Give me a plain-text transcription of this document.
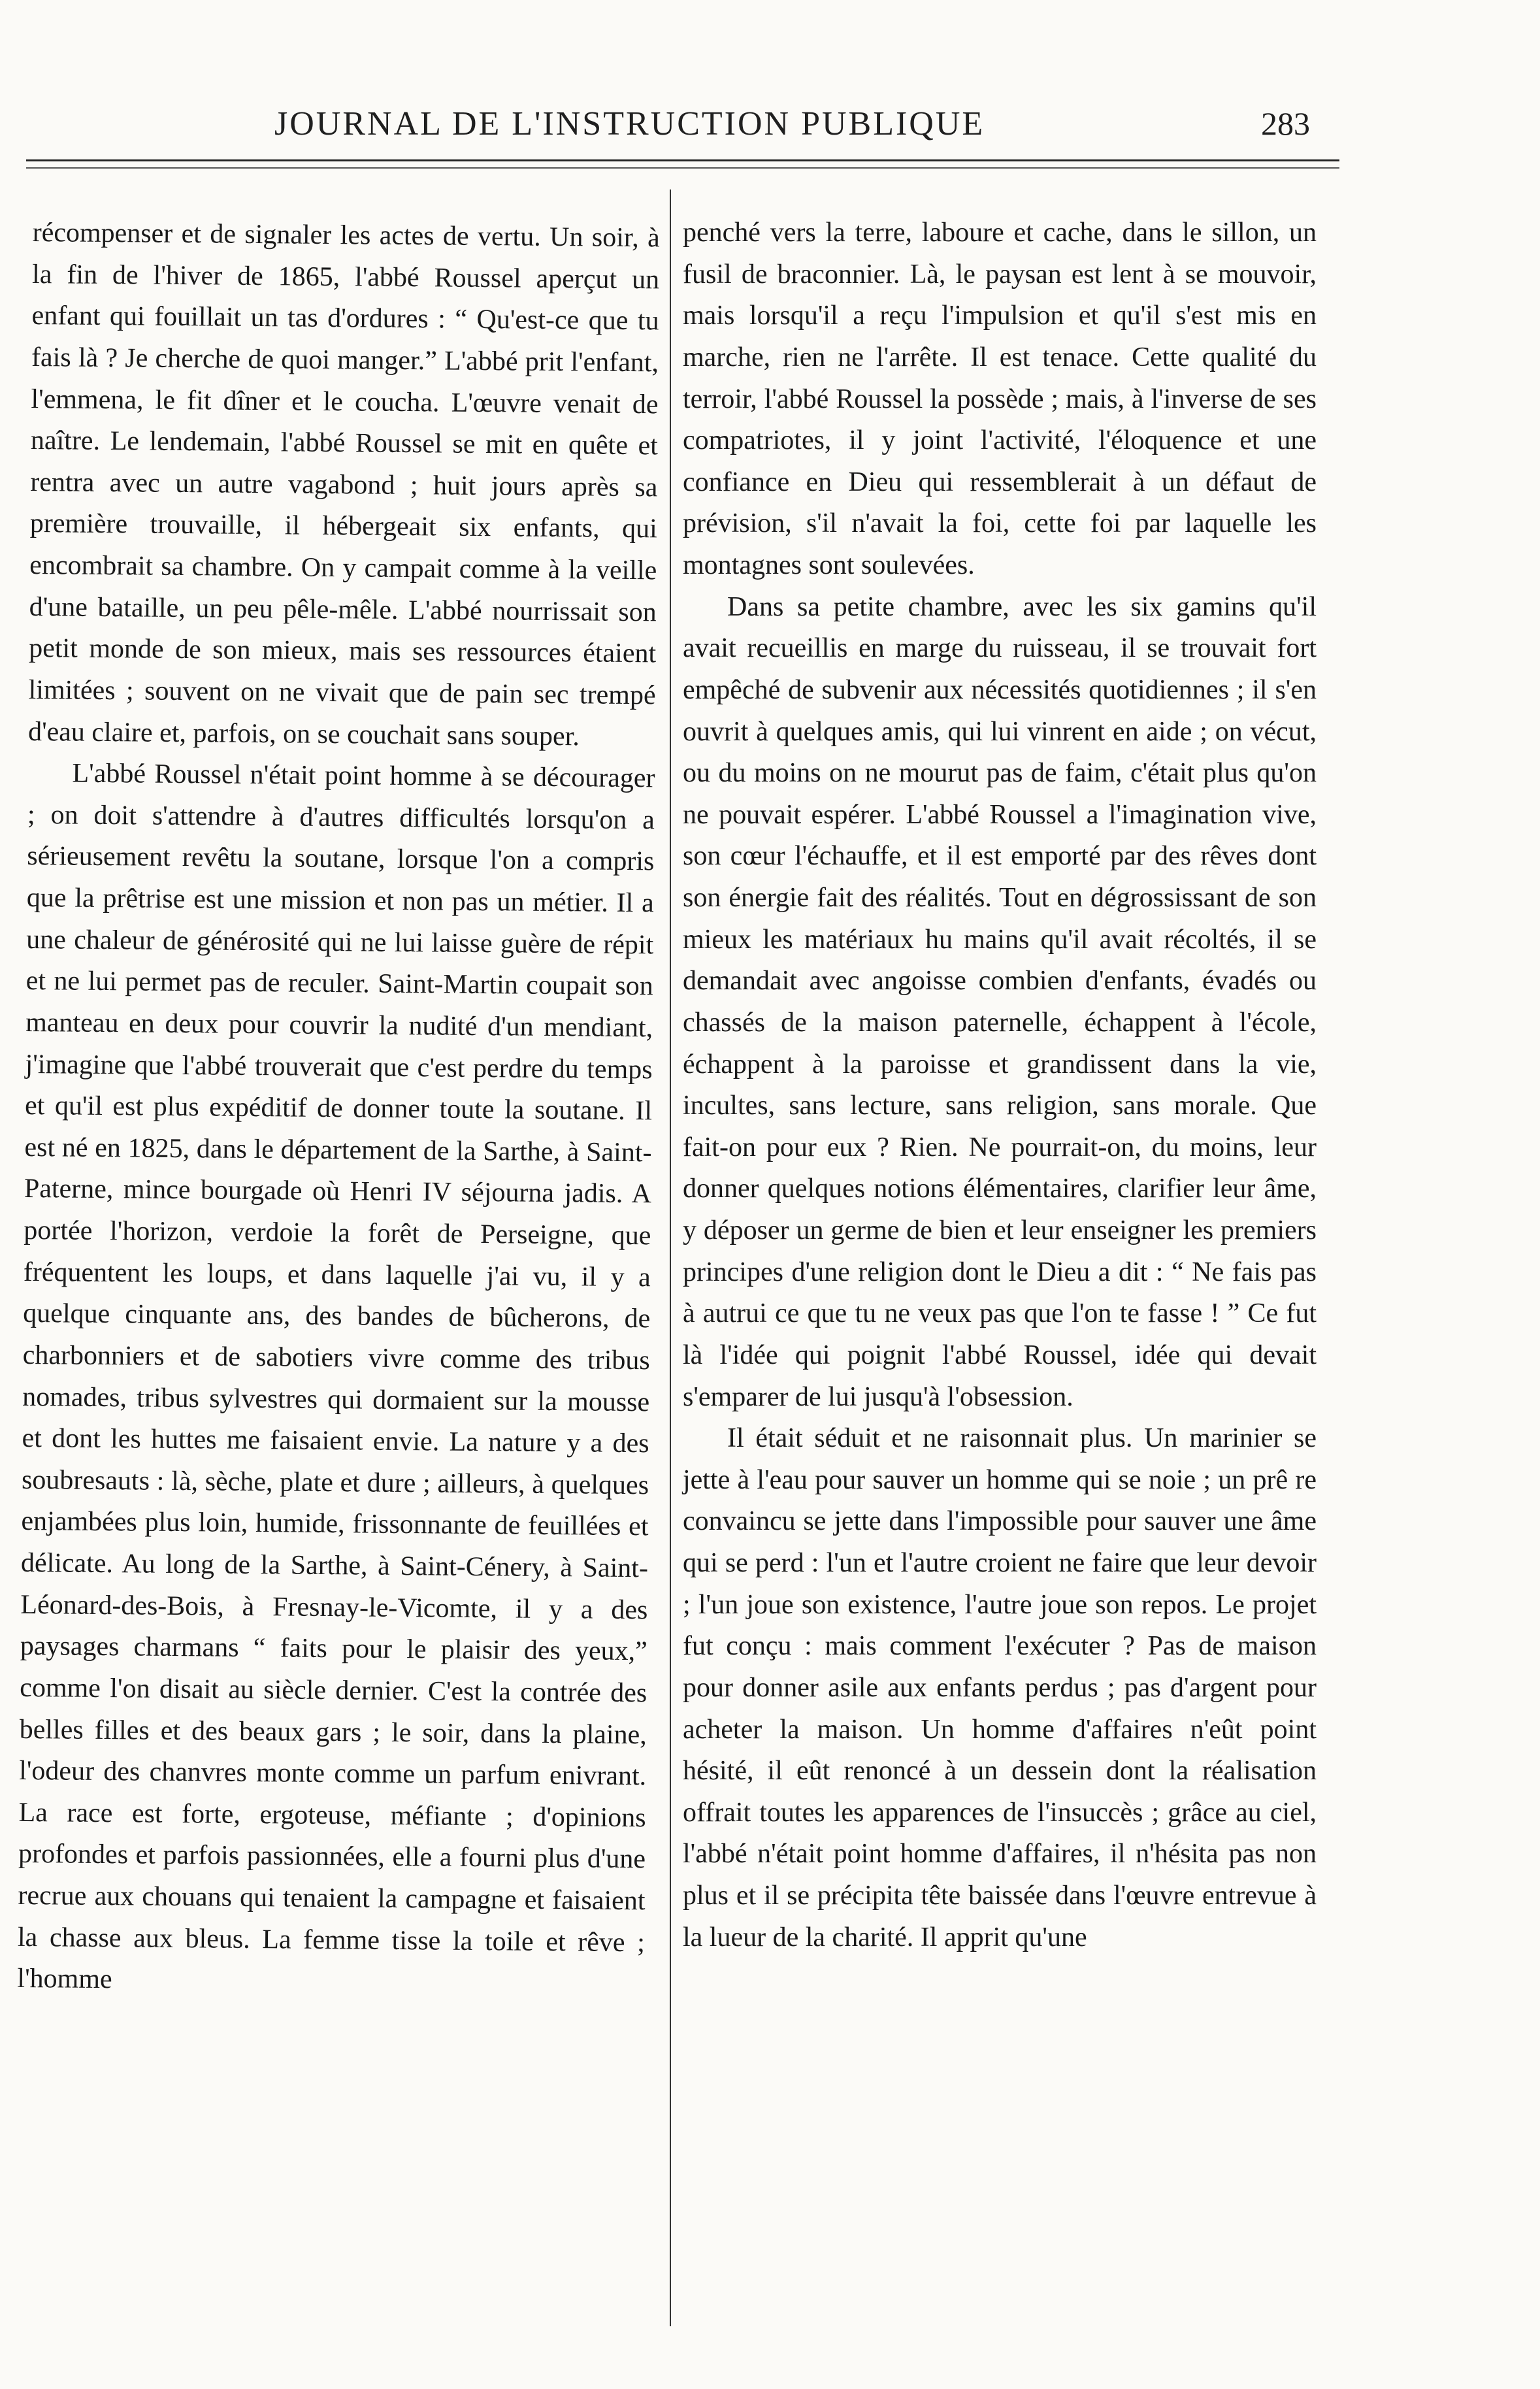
JOURNAL DE L'INSTRUCTION PUBLIQUE	283

récompenser et de signaler les actes de vertu. Un soir, à la fin de l'hiver de 1865, l'abbé Roussel aperçut un enfant qui fouillait un tas d'ordures : “ Qu'est-ce que tu fais là ? Je cherche de quoi manger.” L'abbé prit l'enfant, l'emmena, le fit dîner et le coucha. L'œuvre venait de naître. Le lendemain, l'abbé Roussel se mit en quête et rentra avec un autre vagabond ; huit jours après sa première trouvaille, il hébergeait six enfants, qui encombrait sa chambre. On y campait comme à la veille d'une bataille, un peu pêle-mêle. L'abbé nourrissait son petit monde de son mieux, mais ses ressources étaient limitées ; souvent on ne vivait que de pain sec trempé d'eau claire et, parfois, on se couchait sans souper.

L'abbé Roussel n'était point homme à se décourager ; on doit s'attendre à d'autres difficultés lorsqu'on a sérieusement revêtu la soutane, lorsque l'on a compris que la prêtrise est une mission et non pas un métier. Il a une chaleur de générosité qui ne lui laisse guère de répit et ne lui permet pas de reculer. Saint-Martin coupait son manteau en deux pour couvrir la nudité d'un mendiant, j'imagine que l'abbé trouverait que c'est perdre du temps et qu'il est plus expéditif de donner toute la soutane. Il est né en 1825, dans le département de la Sarthe, à Saint-Paterne, mince bourgade où Henri IV séjourna jadis. A portée l'horizon, verdoie la forêt de Perseigne, que fréquentent les loups, et dans laquelle j'ai vu, il y a quelque cinquante ans, des bandes de bûcherons, de charbonniers et de sabotiers vivre comme des tribus nomades, tribus sylvestres qui dormaient sur la mousse et dont les huttes me faisaient envie. La nature y a des soubresauts : là, sèche, plate et dure ; ailleurs, à quelques enjambées plus loin, humide, frissonnante de feuillées et délicate. Au long de la Sarthe, à Saint-Cénery, à Saint-Léonard-des-Bois, à Fresnay-le-Vicomte, il y a des paysages charmans “ faits pour le plaisir des yeux,” comme l'on disait au siècle dernier. C'est la contrée des belles filles et des beaux gars ; le soir, dans la plaine, l'odeur des chanvres monte comme un parfum enivrant. La race est forte, ergoteuse, méfiante ; d'opinions profondes et parfois passionnées, elle a fourni plus d'une recrue aux chouans qui tenaient la campagne et faisaient la chasse aux bleus. La femme tisse la toile et rêve ; l'homme

penché vers la terre, laboure et cache, dans le sillon, un fusil de braconnier. Là, le paysan est lent à se mouvoir, mais lorsqu'il a reçu l'impulsion et qu'il s'est mis en marche, rien ne l'arrête. Il est tenace. Cette qualité du terroir, l'abbé Roussel la possède ; mais, à l'inverse de ses compatriotes, il y joint l'activité, l'éloquence et une confiance en Dieu qui ressemblerait à un défaut de prévision, s'il n'avait la foi, cette foi par laquelle les montagnes sont soulevées.

Dans sa petite chambre, avec les six gamins qu'il avait recueillis en marge du ruisseau, il se trouvait fort empêché de subvenir aux nécessités quotidiennes ; il s'en ouvrit à quelques amis, qui lui vinrent en aide ; on vécut, ou du moins on ne mourut pas de faim, c'était plus qu'on ne pouvait espérer. L'abbé Roussel a l'imagination vive, son cœur l'échauffe, et il est emporté par des rêves dont son énergie fait des réalités. Tout en dégrossissant de son mieux les matériaux hu mains qu'il avait récoltés, il se demandait avec angoisse combien d'enfants, évadés ou chassés de la maison paternelle, échappent à l'école, échappent à la paroisse et grandissent dans la vie, incultes, sans lecture, sans religion, sans morale. Que fait-on pour eux ? Rien. Ne pourrait-on, du moins, leur donner quelques notions élémentaires, clarifier leur âme, y déposer un germe de bien et leur enseigner les premiers principes d'une religion dont le Dieu a dit : “ Ne fais pas à autrui ce que tu ne veux pas que l'on te fasse ! ” Ce fut là l'idée qui poignit l'abbé Roussel, idée qui devait s'emparer de lui jusqu'à l'obsession.

Il était séduit et ne raisonnait plus. Un marinier se jette à l'eau pour sauver un homme qui se noie ; un prê re convaincu se jette dans l'impossible pour sauver une âme qui se perd : l'un et l'autre croient ne faire que leur devoir ; l'un joue son existence, l'autre joue son repos. Le projet fut conçu : mais comment l'exécuter ? Pas de maison pour donner asile aux enfants perdus ; pas d'argent pour acheter la maison. Un homme d'affaires n'eût point hésité, il eût renoncé à un dessein dont la réalisation offrait toutes les apparences de l'insuccès ; grâce au ciel, l'abbé n'était point homme d'affaires, il n'hésita pas non plus et il se précipita tête baissée dans l'œuvre entrevue à la lueur de la charité. Il apprit qu'une
